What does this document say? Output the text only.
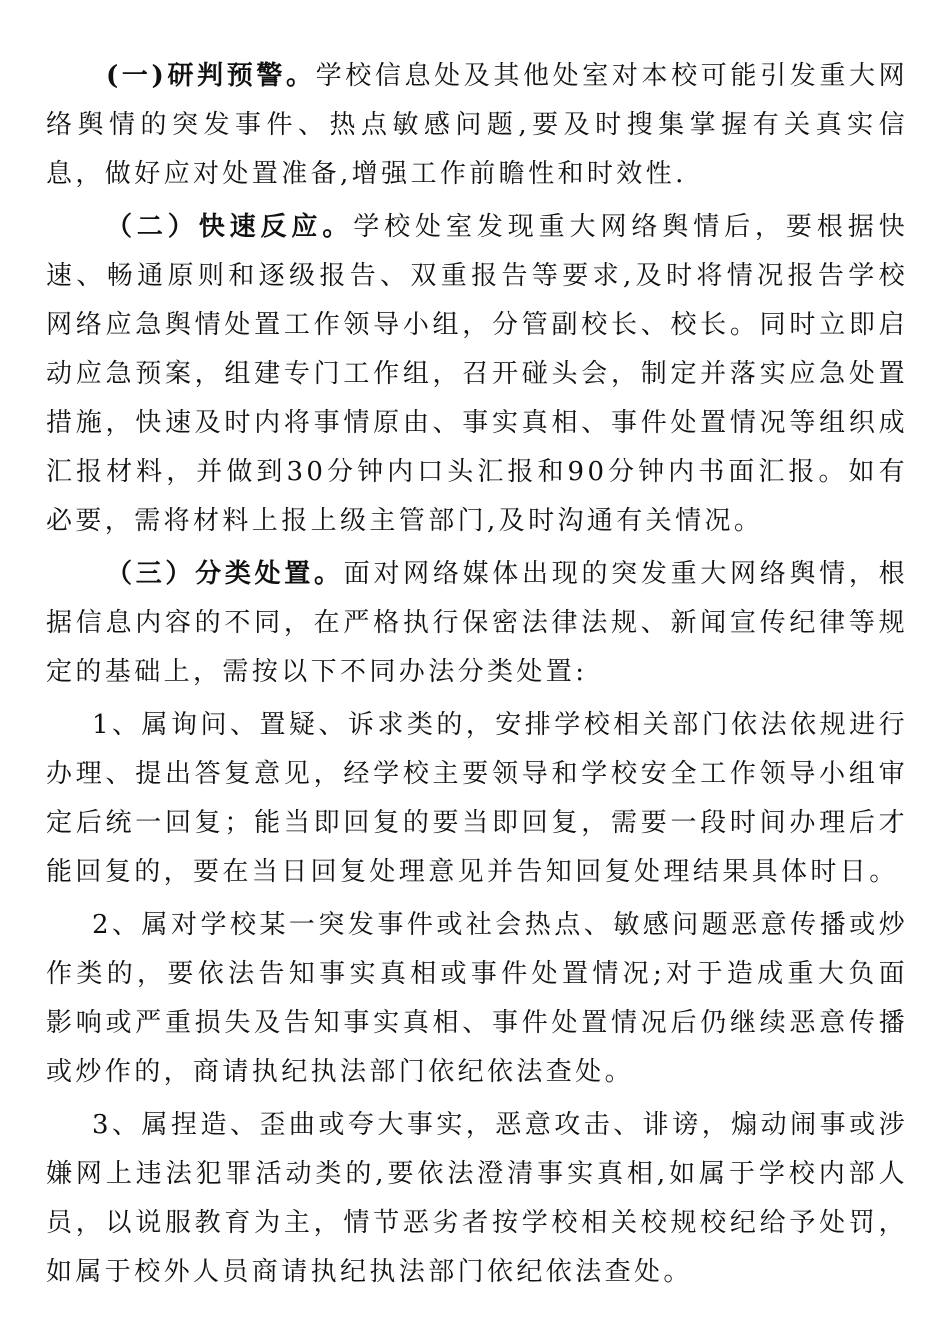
(一)研判预警。学校信息处及其他处室对本校可能引发重大网络舆情的突发事件、热点敏感问题,要及时搜集掌握有关真实信息，做好应对处置准备,增强工作前瞻性和时效性.

（二）快速反应。学校处室发现重大网络舆情后，要根据快速、畅通原则和逐级报告、双重报告等要求,及时将情况报告学校网络应急舆情处置工作领导小组，分管副校长、校长。同时立即启动应急预案，组建专门工作组，召开碰头会，制定并落实应急处置措施，快速及时内将事情原由、事实真相、事件处置情况等组织成汇报材料，并做到30分钟内口头汇报和90分钟内书面汇报。如有必要，需将材料上报上级主管部门,及时沟通有关情况。

（三）分类处置。面对网络媒体出现的突发重大网络舆情，根据信息内容的不同，在严格执行保密法律法规、新闻宣传纪律等规定的基础上，需按以下不同办法分类处置:

1、属询问、置疑、诉求类的，安排学校相关部门依法依规进行办理、提出答复意见，经学校主要领导和学校安全工作领导小组审定后统一回复；能当即回复的要当即回复，需要一段时间办理后才能回复的，要在当日回复处理意见并告知回复处理结果具体时日。

2、属对学校某一突发事件或社会热点、敏感问题恶意传播或炒作类的，要依法告知事实真相或事件处置情况;对于造成重大负面影响或严重损失及告知事实真相、事件处置情况后仍继续恶意传播或炒作的，商请执纪执法部门依纪依法查处。

3、属捏造、歪曲或夸大事实，恶意攻击、诽谤，煽动闹事或涉嫌网上违法犯罪活动类的,要依法澄清事实真相,如属于学校内部人员，以说服教育为主，情节恶劣者按学校相关校规校纪给予处罚，如属于校外人员商请执纪执法部门依纪依法查处。
